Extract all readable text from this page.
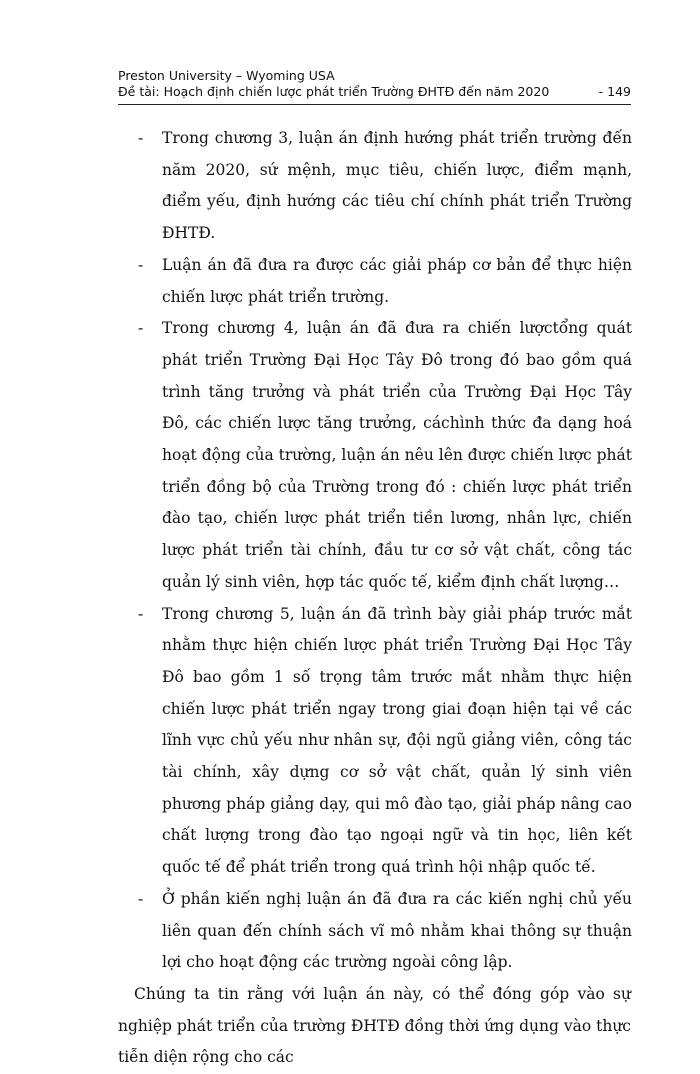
Preston University – Wyoming USA
Đề tài: Hoạch định chiến lược phát triển Trường ĐHTĐ đến năm 2020	- 149
- Trong chương 3, luận án định hướng phát triển trường đến năm 2020, sứ mệnh, mục tiêu, chiến lược, điểm mạnh, điểm yếu, định hướng các tiêu chí chính phát triển Trường ĐHTĐ.
- Luận án đã đưa ra được các giải pháp cơ bản để thực hiện chiến lược phát triển trường.
- Trong chương 4, luận án đã đưa ra chiến lượctổng quát phát triển Trường Đại Học Tây Đô trong đó bao gồm quá trình tăng trưởng và phát triển của Trường Đại Học Tây Đô, các chiến lược tăng trưởng, cáchình thức đa dạng hoá hoạt động của trường, luận án nêu lên được chiến lược phát triển đồng bộ của Trường trong đó : chiến lược phát triển đào tạo, chiến lược phát triển tiền lương, nhân lực, chiến lược phát triển tài chính, đầu tư cơ sở vật chất, công tác quản lý sinh viên, hợp tác quốc tế, kiểm định chất lượng…
- Trong chương 5, luận án đã trình bày giải pháp trước mắt nhằm thực hiện chiến lược phát triển Trường Đại Học Tây Đô bao gồm 1 số trọng tâm trước mắt nhằm thực hiện chiến lược phát triển ngay trong giai đoạn hiện tại về các lĩnh vực chủ yếu như nhân sự, đội ngũ giảng viên, công tác tài chính, xây dựng cơ sở vật chất, quản lý sinh viên phương pháp giảng dạy, qui mô đào tạo, giải pháp nâng cao chất lượng trong đào tạo ngoại ngữ và tin học, liên kết quốc tế để phát triển trong quá trình hội nhập quốc tế.
- Ở phần kiến nghị luận án đã đưa ra các kiến nghị chủ yếu liên quan đến chính sách vĩ mô nhằm khai thông sự thuận lợi cho hoạt động các trường ngoài công lập.
Chúng ta tin rằng với luận án này, có thể đóng góp vào sự nghiệp phát triển của trường ĐHTĐ đồng thời ứng dụng vào thực tiễn diện rộng cho các
